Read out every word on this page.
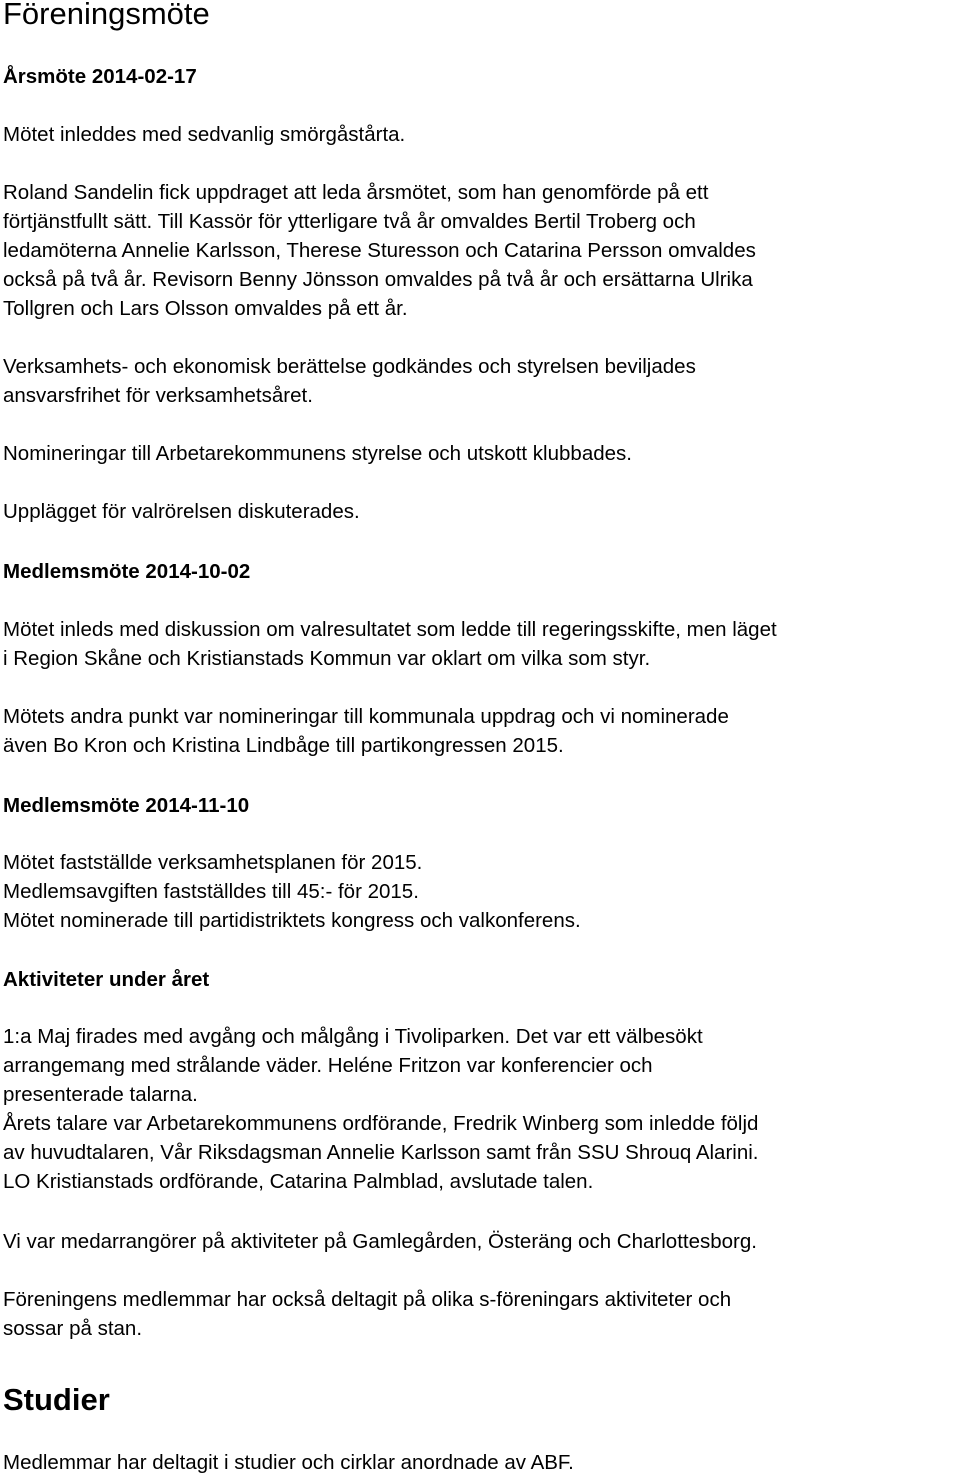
Föreningsmöte
Årsmöte 2014-02-17

Mötet inleddes med sedvanlig smörgåstårta.

Roland Sandelin fick uppdraget att leda årsmötet, som han genomförde på ett

förtjänstfullt sätt. Till Kassör för ytterligare två år omvaldes Bertil Troberg och

ledamöterna Annelie Karlsson, Therese Sturesson och Catarina Persson omvaldes

också på två år. Revisorn Benny Jönsson omvaldes på två år och ersättarna Ulrika

Tollgren och Lars Olsson omvaldes på ett år.

Verksamhets- och ekonomisk berättelse godkändes och styrelsen beviljades

ansvarsfrihet för verksamhetsåret.

Nomineringar till Arbetarekommunens styrelse och utskott klubbades.

Upplägget för valrörelsen diskuterades.

Medlemsmöte 2014-10-02

Mötet inleds med diskussion om valresultatet som ledde till regeringsskifte, men läget

i Region Skåne och Kristianstads Kommun var oklart om vilka som styr.

Mötets andra punkt var nomineringar till kommunala uppdrag och vi nominerade

även Bo Kron och Kristina Lindbåge till partikongressen 2015.

Medlemsmöte 2014-11-10

Mötet fastställde verksamhetsplanen för 2015.

Medlemsavgiften fastställdes till 45:- för 2015.

Mötet nominerade till partidistriktets kongress och valkonferens.

Aktiviteter under året

1:a Maj firades med avgång och målgång i Tivoliparken. Det var ett välbesökt

arrangemang med strålande väder. Heléne Fritzon var konferencier och

presenterade talarna.

Årets talare var Arbetarekommunens ordförande, Fredrik Winberg som inledde följd

av huvudtalaren, Vår Riksdagsman Annelie Karlsson samt från SSU Shrouq Alarini.

LO Kristianstads ordförande, Catarina Palmblad, avslutade talen.

Vi var medarrangörer på aktiviteter på Gamlegården, Österäng och Charlottesborg.

Föreningens medlemmar har också deltagit på olika s-föreningars aktiviteter och

sossar på stan.

Studier

Medlemmar har deltagit i studier och cirklar anordnade av ABF.
